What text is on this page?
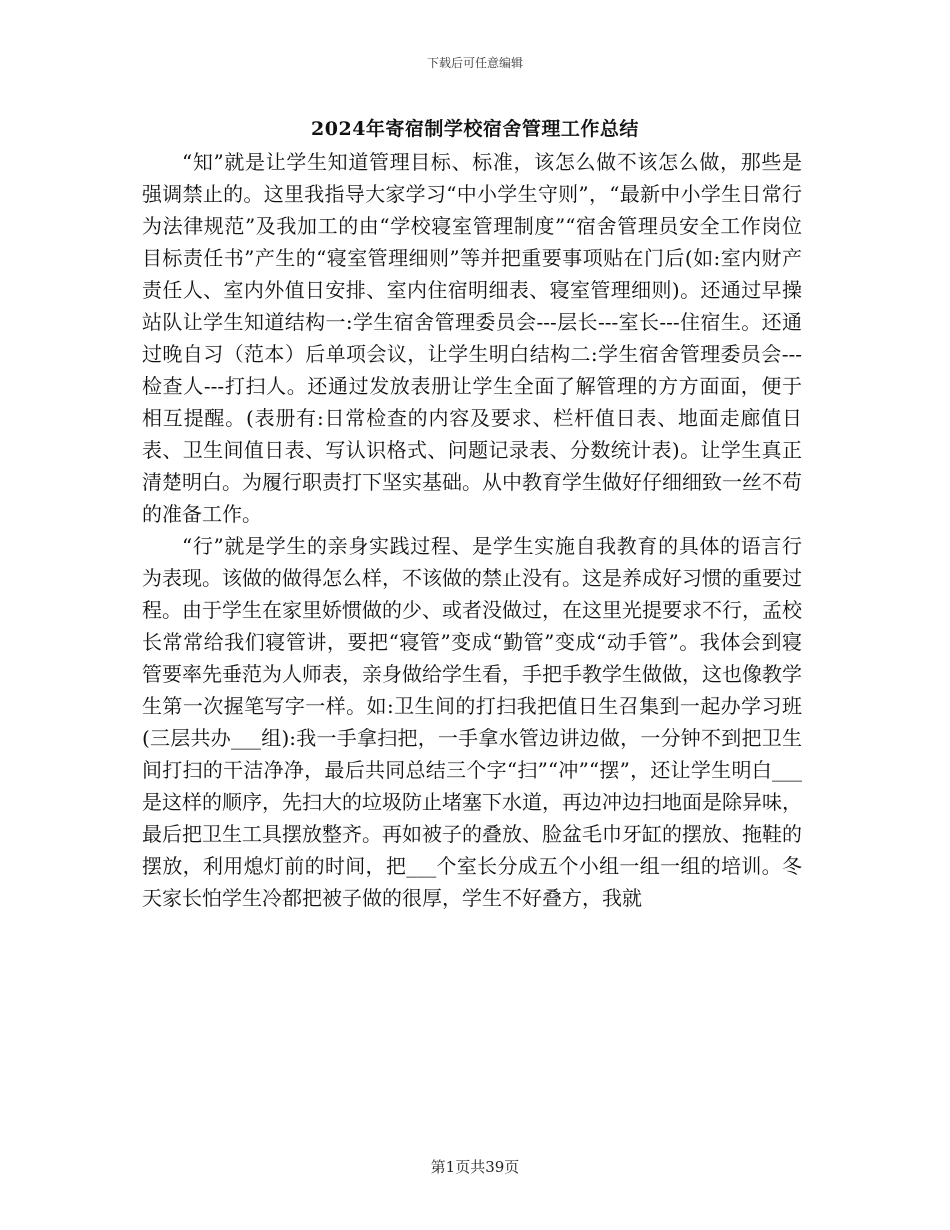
下载后可任意编辑
2024年寄宿制学校宿舍管理工作总结

“知”就是让学生知道管理目标、标准，该怎么做不该怎么做，那些是强调禁止的。这里我指导大家学习“中小学生守则”，“最新中小学生日常行为法律规范”及我加工的由“学校寝室管理制度”“宿舍管理员安全工作岗位目标责任书”产生的“寝室管理细则”等并把重要事项贴在门后(如:室内财产责任人、室内外值日安排、室内住宿明细表、寝室管理细则)。还通过早操站队让学生知道结构一:学生宿舍管理委员会---层长---室长---住宿生。还通过晚自习（范本）后单项会议，让学生明白结构二:学生宿舍管理委员会---检查人---打扫人。还通过发放表册让学生全面了解管理的方方面面，便于相互提醒。(表册有:日常检查的内容及要求、栏杆值日表、地面走廊值日表、卫生间值日表、写认识格式、问题记录表、分数统计表)。让学生真正清楚明白。为履行职责打下坚实基础。从中教育学生做好仔细细致一丝不苟的准备工作。

“行”就是学生的亲身实践过程、是学生实施自我教育的具体的语言行为表现。该做的做得怎么样，不该做的禁止没有。这是养成好习惯的重要过程。由于学生在家里娇惯做的少、或者没做过，在这里光提要求不行，孟校长常常给我们寝管讲，要把“寝管”变成“勤管”变成“动手管”。我体会到寝管要率先垂范为人师表，亲身做给学生看，手把手教学生做做，这也像教学生第一次握笔写字一样。如:卫生间的打扫我把值日生召集到一起办学习班(三层共办___组):我一手拿扫把，一手拿水管边讲边做，一分钟不到把卫生间打扫的干洁净净，最后共同总结三个字“扫”“冲”“摆”，还让学生明白___是这样的顺序，先扫大的垃圾防止堵塞下水道，再边冲边扫地面是除异味，最后把卫生工具摆放整齐。再如被子的叠放、脸盆毛巾牙缸的摆放、拖鞋的摆放，利用熄灯前的时间，把___个室长分成五个小组一组一组的培训。冬天家长怕学生冷都把被子做的很厚，学生不好叠方，我就

第1页共39页
